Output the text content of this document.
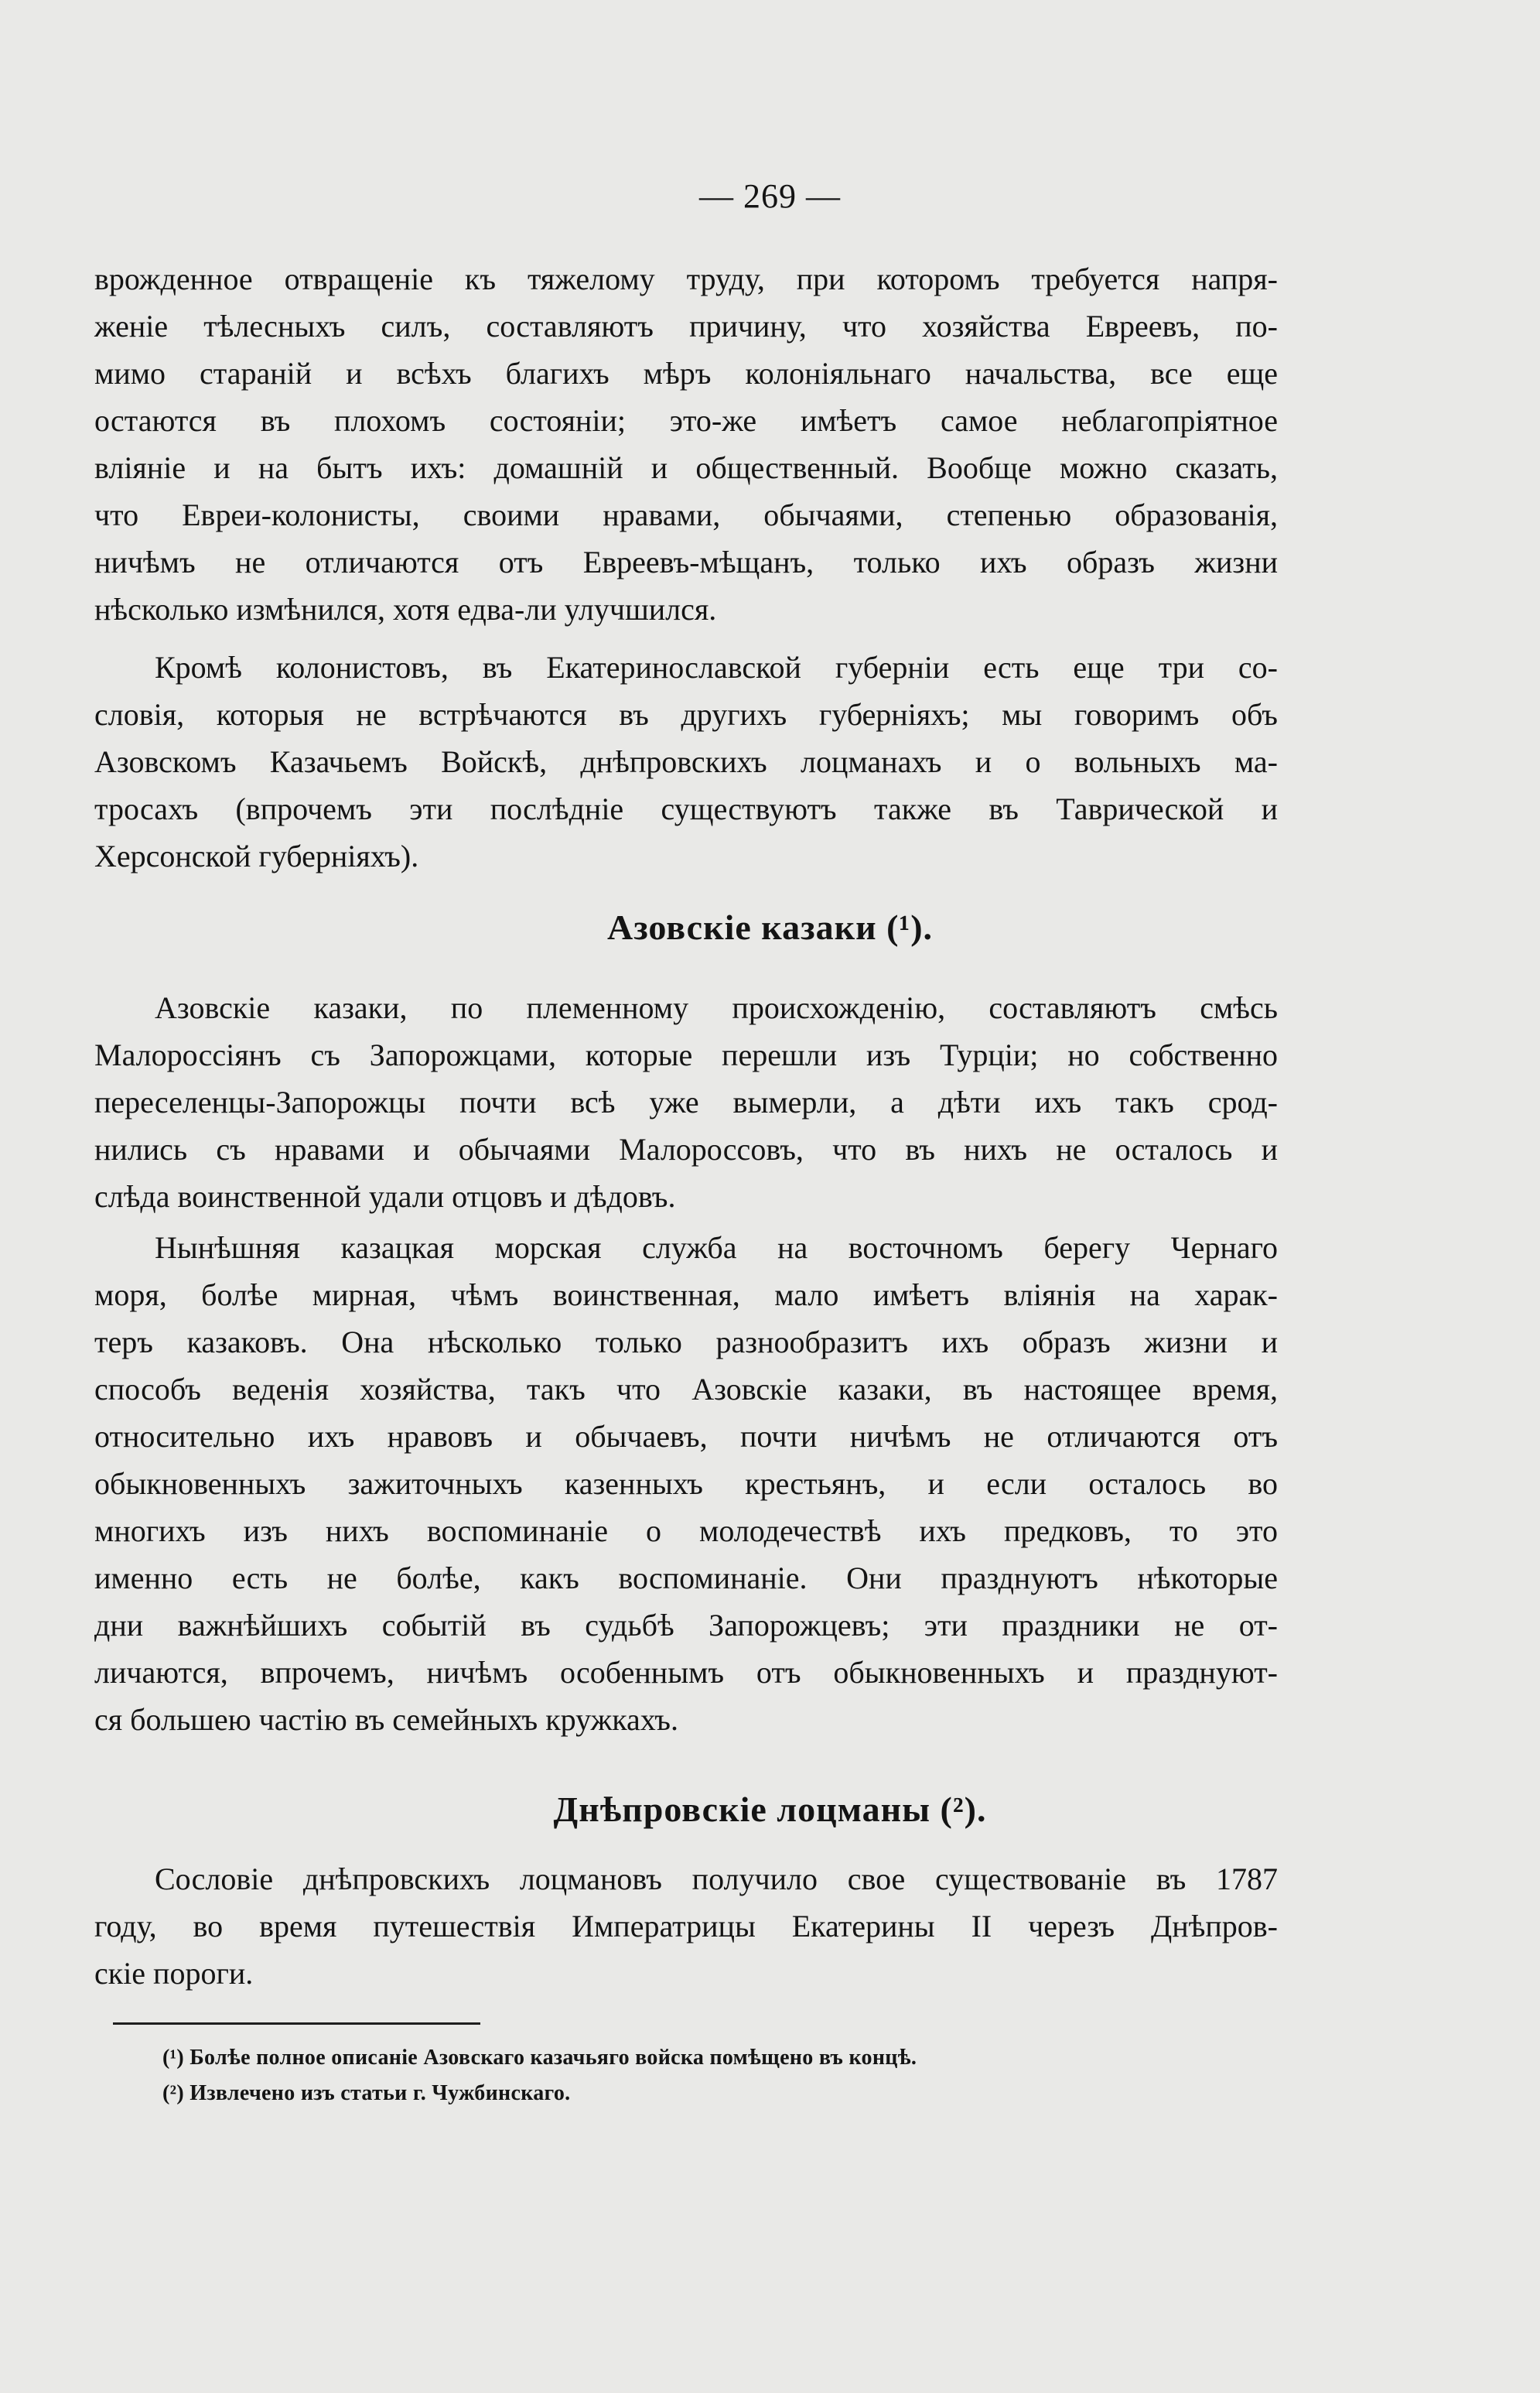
— 269 —
врожденное отвращеніе къ тяжелому труду, при которомъ требуется напря-
женіе тѣлесныхъ силъ, составляютъ причину, что хозяйства Евреевъ, по-
мимо стараній и всѣхъ благихъ мѣръ колоніяльнаго начальства, все еще
остаются въ плохомъ состояніи; это-же имѣетъ самое неблагопріятное
вліяніе и на бытъ ихъ: домашній и общественный. Вообще можно сказать,
что Евреи-колонисты, своими нравами, обычаями, степенью образованія,
ничѣмъ не отличаются отъ Евреевъ-мѣщанъ, только ихъ образъ жизни
нѣсколько измѣнился, хотя едва-ли улучшился.
Кромѣ колонистовъ, въ Екатеринославской губерніи есть еще три со-
словія, которыя не встрѣчаются въ другихъ губерніяхъ; мы говоримъ объ
Азовскомъ Казачьемъ Войскѣ, днѣпровскихъ лоцманахъ и о вольныхъ ма-
тросахъ (впрочемъ эти послѣдніе существуютъ также въ Таврической и
Херсонской губерніяхъ).
Азовскіе казаки (¹).
Азовскіе казаки, по племенному происхожденію, составляютъ смѣсь
Малороссіянъ съ Запорожцами, которые перешли изъ Турціи; но собственно
переселенцы-Запорожцы почти всѣ уже вымерли, а дѣти ихъ такъ срод-
нились съ нравами и обычаями Малороссовъ, что въ нихъ не осталось и
слѣда воинственной удали отцовъ и дѣдовъ.
Нынѣшняя казацкая морская служба на восточномъ берегу Чернаго
моря, болѣе мирная, чѣмъ воинственная, мало имѣетъ вліянія на харак-
теръ казаковъ. Она нѣсколько только разнообразитъ ихъ образъ жизни и
способъ веденія хозяйства, такъ что Азовскіе казаки, въ настоящее время,
относительно ихъ нравовъ и обычаевъ, почти ничѣмъ не отличаются отъ
обыкновенныхъ зажиточныхъ казенныхъ крестьянъ, и если осталось во
многихъ изъ нихъ воспоминаніе о молодечествѣ ихъ предковъ, то это
именно есть не болѣе, какъ воспоминаніе. Они празднуютъ нѣкоторые
дни важнѣйшихъ событій въ судьбѣ Запорожцевъ; эти праздники не от-
личаются, впрочемъ, ничѣмъ особеннымъ отъ обыкновенныхъ и празднуют-
ся большею частію въ семейныхъ кружкахъ.
Днѣпровскіе лоцманы (²).
Сословіе днѣпровскихъ лоцмановъ получило свое существованіе въ 1787
году, во время путешествія Императрицы Екатерины II черезъ Днѣпров-
скіе пороги.
(¹) Болѣе полное описаніе Азовскаго казачьяго войска помѣщено въ концѣ.
(²) Извлечено изъ статьи г. Чужбинскаго.
